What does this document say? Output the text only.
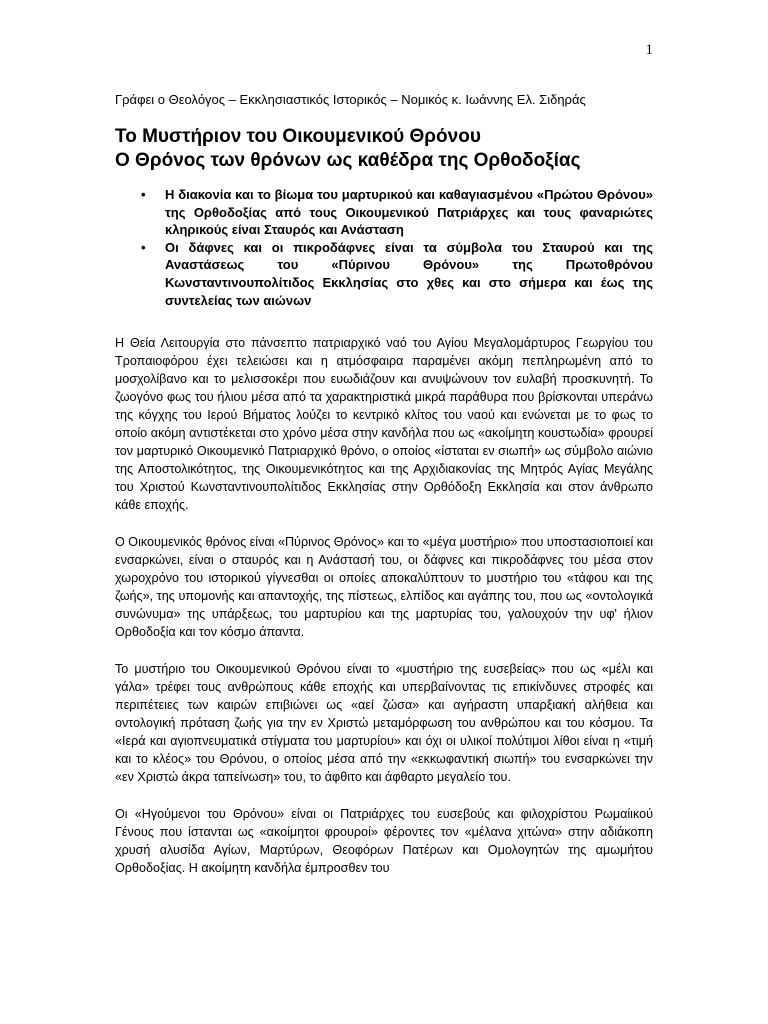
1
Γράφει ο Θεολόγος – Εκκλησιαστικός Ιστορικός – Νομικός κ. Ιωάννης Ελ. Σιδηράς
Το Μυστήριον του Οικουμενικού Θρόνου
Ο Θρόνος των θρόνων ως καθέδρα της Ορθοδοξίας
• Η διακονία και το βίωμα του μαρτυρικού και καθαγιασμένου «Πρώτου Θρόνου» της Ορθοδοξίας από τους Οικουμενικού Πατριάρχες και τους φαναριώτες κληρικούς είναι Σταυρός και Ανάσταση
• Οι δάφνες και οι πικροδάφνες είναι τα σύμβολα του Σταυρού και της Αναστάσεως του «Πύρινου Θρόνου» της Πρωτοθρόνου Κωνσταντινουπολίτιδος Εκκλησίας στο χθες και στο σήμερα και έως της συντελείας των αιώνων

Η Θεία Λειτουργία στο πάνσεπτο πατριαρχικό ναό του Αγίου Μεγαλομάρτυρος Γεωργίου του Τροπαιοφόρου έχει τελειώσει και η ατμόσφαιρα παραμένει ακόμη πεπληρωμένη από το μοσχολίβανο και το μελισσοκέρι που ευωδιάζουν και ανυψώνουν τον ευλαβή προσκυνητή. Το ζωογόνο φως του ήλιου μέσα από τα χαρακτηριστικά μικρά παράθυρα που βρίσκονται υπεράνω της κόγχης του Ιερού Βήματος λούζει το κεντρικό κλίτος του ναού και ενώνεται με το φως το οποίο ακόμη αντιστέκεται στο χρόνο μέσα στην κανδήλα που ως «ακοίμητη κουστωδία» φρουρεί τον μαρτυρικό Οικουμενικό Πατριαρχικό θρόνο, ο οποίος «ίσταται εν σιωπή» ως σύμβολο αιώνιο της Αποστολικότητος, της Οικουμενικότητος και της Αρχιδιακονίας της Μητρός Αγίας Μεγάλης του Χριστού Κωνσταντινουπολίτιδος Εκκλησίας στην Ορθόδοξη Εκκλησία και στον άνθρωπο κάθε εποχής.

Ο Οικουμενικός θρόνος είναι «Πύρινος Θρόνος» και το «μέγα μυστήριο» που υποστασιοποιεί και ενσαρκώνει, είναι ο σταυρός και η Ανάστασή του, οι δάφνες και πικροδάφνες του μέσα στον χωροχρόνο του ιστορικού γίγνεσθαι οι οποίες αποκαλύπτουν το μυστήριο του «τάφου και της ζωής», της υπομονής και απαντοχής, της πίστεως, ελπίδος και αγάπης του, που ως «οντολογικά συνώνυμα» της υπάρξεως, του μαρτυρίου και της μαρτυρίας του, γαλουχούν την υφ' ήλιον Ορθοδοξία και τον κόσμο άπαντα.

Το μυστήριο του Οικουμενικού Θρόνου είναι το «μυστήριο της ευσεβείας» που ως «μέλι και γάλα» τρέφει τους ανθρώπους κάθε εποχής και υπερβαίνοντας τις επικίνδυνες στροφές και περιπέτειες των καιρών επιβιώνει ως «αεί ζώσα» και αγήραστη υπαρξιακή αλήθεια και οντολογική πρόταση ζωής για την εν Χριστώ μεταμόρφωση του ανθρώπου και του κόσμου. Τα «Ιερά και αγιοπνευματικά στίγματα του μαρτυρίου» και όχι οι υλικοί πολύτιμοι λίθοι είναι η «τιμή και το κλέος» του Θρόνου, ο οποίος μέσα από την «εκκωφαντική σιωπή» του ενσαρκώνει την «εν Χριστώ άκρα ταπείνωση» του, το άφθιτο και άφθαρτο μεγαλείο του.

Οι «Ηγούμενοι του Θρόνου» είναι οι Πατριάρχες του ευσεβούς και φιλοχρίστου Ρωμαίικού Γένους που ίστανται ως «ακοίμητοι φρουροί» φέροντες τον «μέλανα χιτώνα» στην αδιάκοπη χρυσή αλυσίδα Αγίων, Μαρτύρων, Θεοφόρων Πατέρων και Ομολογητών της αμωμήτου Ορθοδοξίας. Η ακοίμητη κανδήλα έμπροσθεν του
